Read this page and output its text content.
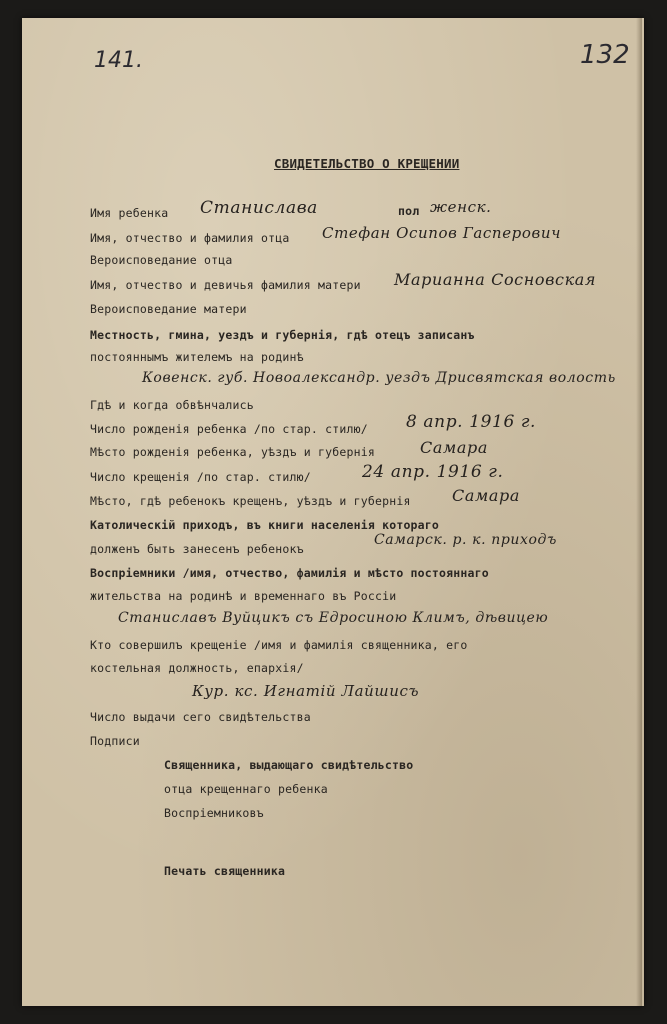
141.	132
СВИДЕТЕЛЬСТВО О КРЕЩЕНИИ
Имя ребенка Станислава	пол женск.
Имя, отчество и фамилия отца Стефан Осипов Гасперович
Вероисповедание отца
Имя, отчество и девичья фамилия матери Марианна Сосновская
Вероисповедание матери
Местность, гмина, уездъ и губернія, гдѣ отецъ записанъ
постояннымъ жителемъ на родинѣ
Ковенск. губ. Новоалександр. уездъ Дрисвятская волость
Гдѣ и когда обвѣнчались
Число рожденія ребенка /по стар. стилю/ 8 апр. 1916 г.
Мѣсто рожденія ребенка, уѣздъ и губернія	Самара
Число крещенія /по стар. стилю/	24 апр. 1916 г.
Мѣсто, гдѣ ребенокъ крещенъ, уѣздъ и губернія	Самара
Католическій приходъ, въ книги населенія котораго
долженъ быть занесенъ ребенокъ
Самарск. р. к. приходъ
Воспріемники /имя, отчество, фамилія и мѣсто постояннаго
жительства на родинѣ и временнаго въ Россіи
Станиславъ Вуйцикъ съ Едросиною Климъ, дѣвицею
Кто совершилъ крещеніе /имя и фамилія священника, его
костельная должность, епархія/
Кур. кс. Игнатій Лайшисъ
Число выдачи сего свидѣтельства
Подписи
Священника, выдающаго свидѣтельство
отца крещеннаго ребенка
Воспріемниковъ
Печать священника
